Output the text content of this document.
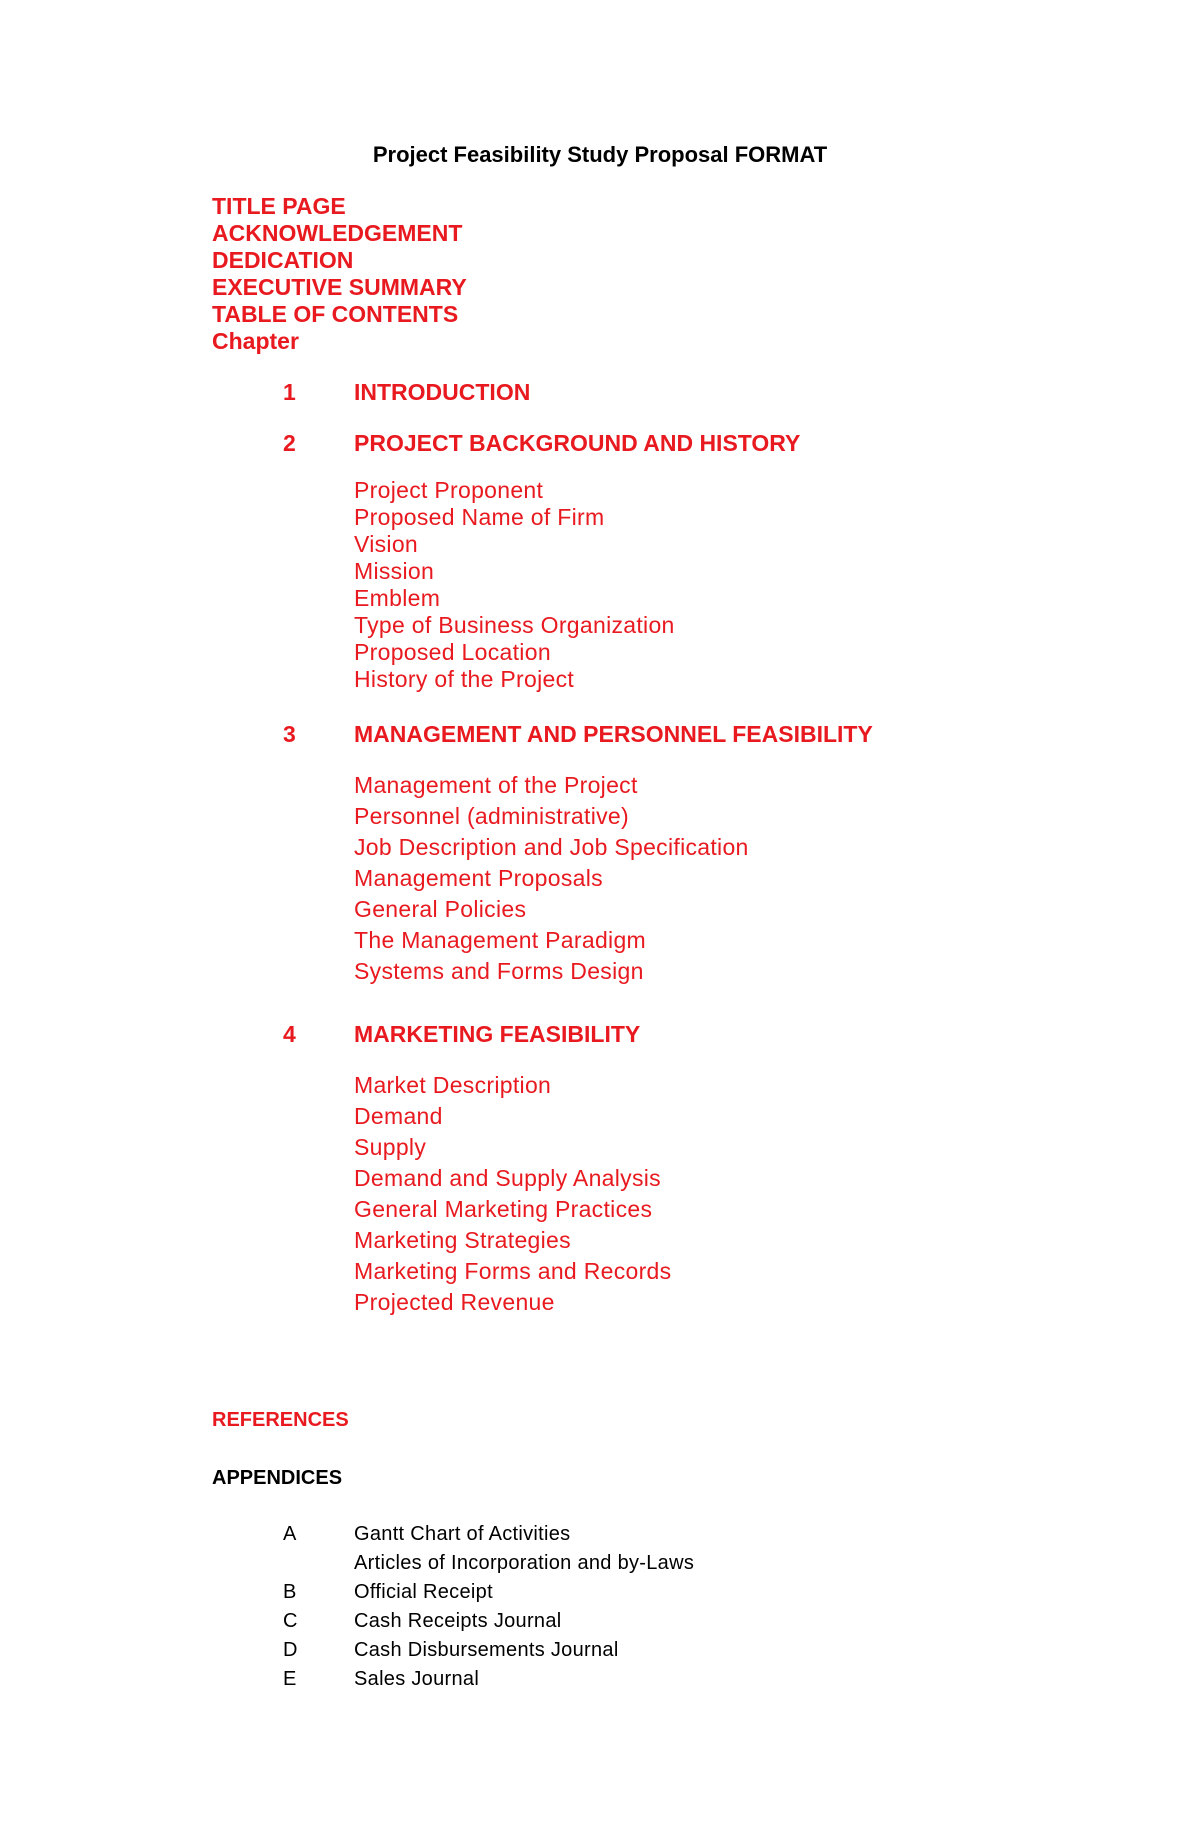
Project Feasibility Study Proposal FORMAT
TITLE PAGE
ACKNOWLEDGEMENT
DEDICATION
EXECUTIVE SUMMARY
TABLE OF CONTENTS
Chapter
1	INTRODUCTION
2	PROJECT BACKGROUND AND HISTORY
Project Proponent
Proposed Name of Firm
Vision
Mission
Emblem
Type of Business Organization
Proposed Location
History of the Project
3	MANAGEMENT AND PERSONNEL FEASIBILITY
Management of the Project
Personnel (administrative)
Job Description and Job Specification
Management Proposals
General Policies
The Management Paradigm
Systems and Forms Design
4	MARKETING FEASIBILITY
Market Description
Demand
Supply
Demand and Supply Analysis
General Marketing Practices
Marketing Strategies
Marketing Forms and Records
Projected Revenue
REFERENCES
APPENDICES
A	Gantt Chart of Activities
Articles of Incorporation and by-Laws
B	Official Receipt
C	Cash Receipts Journal
D	Cash Disbursements Journal
E	Sales Journal
